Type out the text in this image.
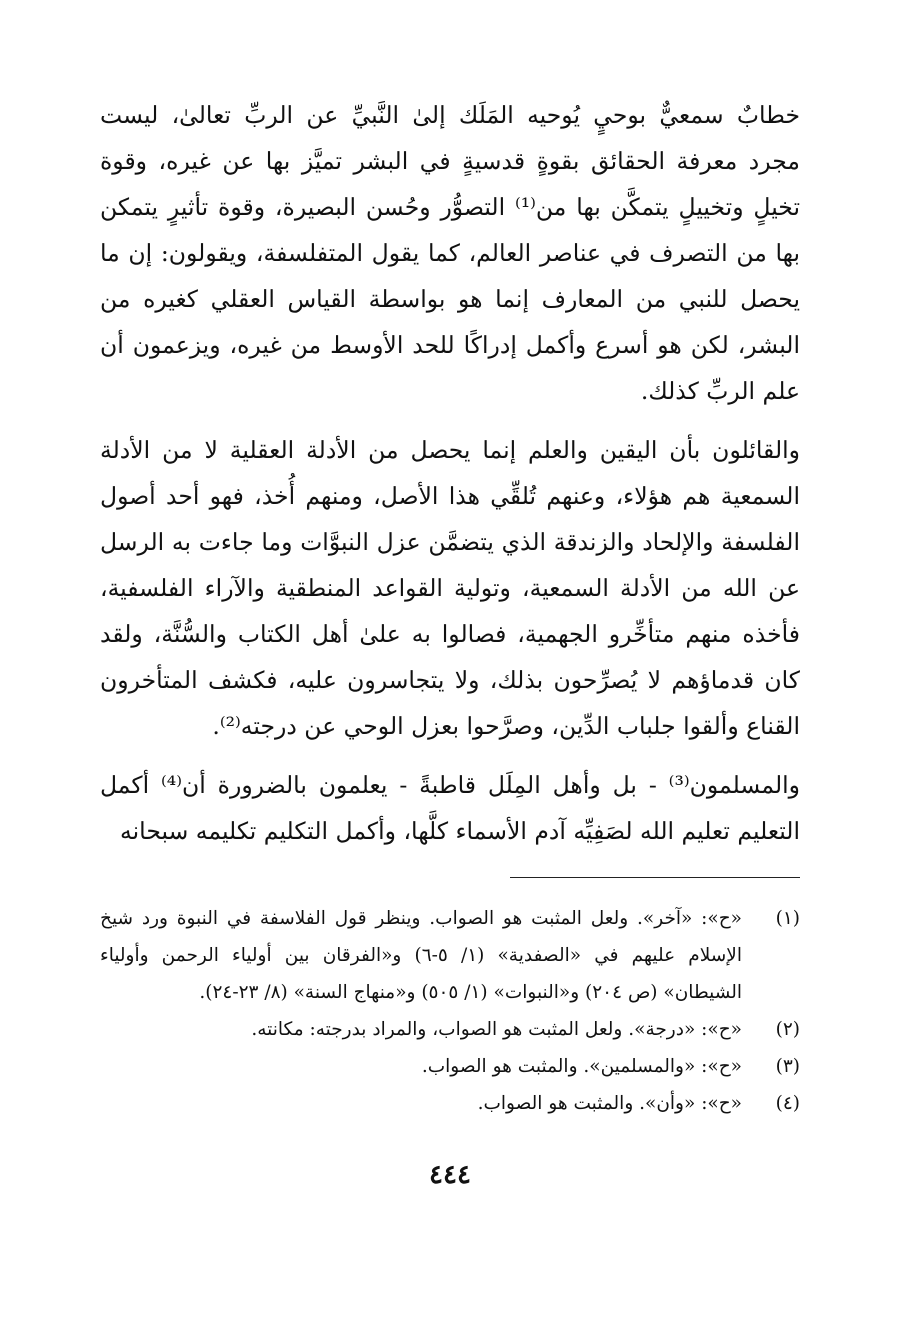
خطابٌ سمعيٌّ بوحيٍ يُوحيه المَلَك إلىٰ النَّبيِّ عن الربِّ تعالىٰ، ليست مجرد معرفة الحقائق بقوةٍ قدسيةٍ في البشر تميَّز بها عن غيره، وقوة تخيلٍ وتخييلٍ يتمكَّن بها من⁽¹⁾ التصوُّر وحُسن البصيرة، وقوة تأثيرٍ يتمكن بها من التصرف في عناصر العالم، كما يقول المتفلسفة، ويقولون: إن ما يحصل للنبي من المعارف إنما هو بواسطة القياس العقلي كغيره من البشر، لكن هو أسرع وأكمل إدراكًا للحد الأوسط من غيره، ويزعمون أن علم الربِّ كذلك.

والقائلون بأن اليقين والعلم إنما يحصل من الأدلة العقلية لا من الأدلة السمعية هم هؤلاء، وعنهم تُلقِّي هذا الأصل، ومنهم أُخذ، فهو أحد أصول الفلسفة والإلحاد والزندقة الذي يتضمَّن عزل النبوَّات وما جاءت به الرسل عن الله من الأدلة السمعية، وتولية القواعد المنطقية والآراء الفلسفية، فأخذه منهم متأخِّرو الجهمية، فصالوا به علىٰ أهل الكتاب والسُّنَّة، ولقد كان قدماؤهم لا يُصرِّحون بذلك، ولا يتجاسرون عليه، فكشف المتأخرون القناع وألقوا جلباب الدِّين، وصرَّحوا بعزل الوحي عن درجته⁽²⁾.

والمسلمون⁽³⁾ - بل وأهل المِلَل قاطبةً - يعلمون بالضرورة أن⁽⁴⁾ أكمل التعليم تعليم الله لصَفِيِّه آدم الأسماء كلَّها، وأكمل التكليم تكليمه سبحانه

(١)
«ح»: «آخر». ولعل المثبت هو الصواب. وينظر قول الفلاسفة في النبوة ورد شيخ الإسلام عليهم في «الصفدية» (١/ ٥-٦) و«الفرقان بين أولياء الرحمن وأولياء الشيطان» (ص ٢٠٤) و«النبوات» (١/ ٥٠٥) و«منهاج السنة» (٨/ ٢٣-٢٤).
(٢)
«ح»: «درجة». ولعل المثبت هو الصواب، والمراد بدرجته: مكانته.
(٣)
«ح»: «والمسلمين». والمثبت هو الصواب.
(٤)
«ح»: «وأن». والمثبت هو الصواب.
٤٤٤
